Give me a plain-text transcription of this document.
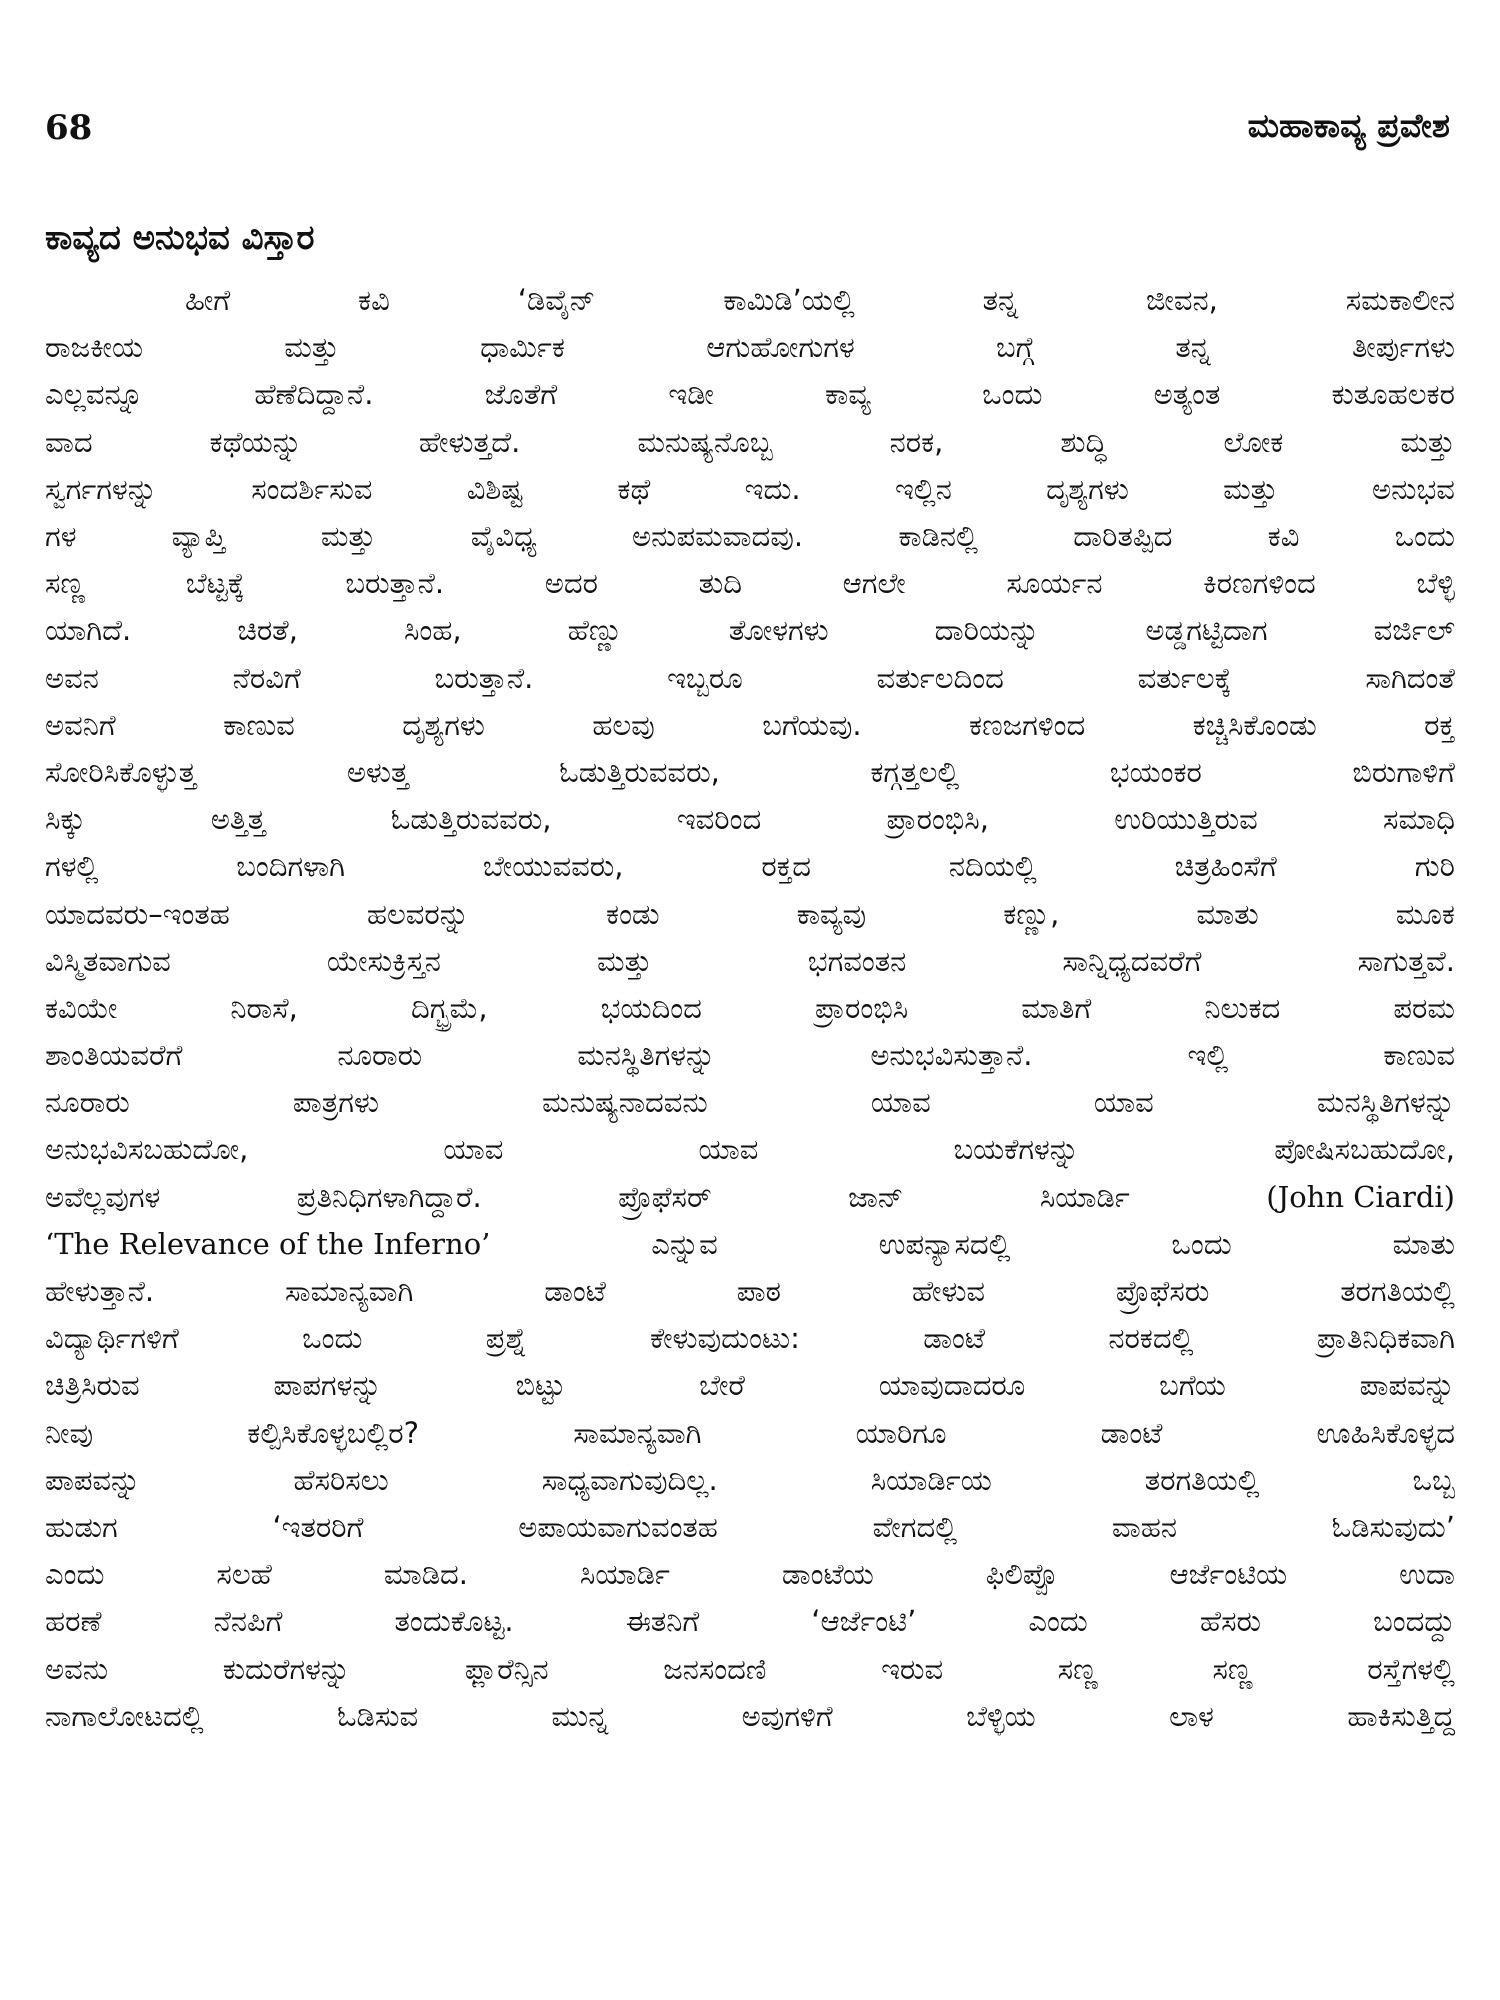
68	ಮಹಾಕಾವ್ಯ ಪ್ರವೇಶ
ಕಾವ್ಯದ ಅನುಭವ ವಿಸ್ತಾರ
ಹೀಗೆ	ಕವಿ	‘ಡಿವೈನ್	ಕಾಮಿಡಿ’ಯಲ್ಲಿ	ತನ್ನ	ಜೀವನ,	ಸಮಕಾಲೀನ
ರಾಜಕೀಯ	ಮತ್ತು	ಧಾರ್ಮಿಕ	ಆಗುಹೋಗುಗಳ	ಬಗ್ಗೆ	ತನ್ನ	ತೀರ್ಪುಗಳು
ಎಲ್ಲವನ್ನೂ	ಹೆಣೆದಿದ್ದಾನೆ.	ಜೊತೆಗೆ	ಇಡೀ	ಕಾವ್ಯ	ಒಂದು	ಅತ್ಯಂತ	ಕುತೂಹಲಕರ
ವಾದ	ಕಥೆಯನ್ನು	ಹೇಳುತ್ತದೆ.	ಮನುಷ್ಯನೊಬ್ಬ	ನರಕ,	ಶುದ್ಧಿ	ಲೋಕ	ಮತ್ತು
ಸ್ವರ್ಗಗಳನ್ನು	ಸಂದರ್ಶಿಸುವ	ವಿಶಿಷ್ಟ	ಕಥೆ	ಇದು.	ಇಲ್ಲಿನ	ದೃಶ್ಯಗಳು	ಮತ್ತು	ಅನುಭವ
ಗಳ	ವ್ಯಾಪ್ತಿ	ಮತ್ತು	ವೈವಿಧ್ಯ	ಅನುಪಮವಾದವು.	ಕಾಡಿನಲ್ಲಿ	ದಾರಿತಪ್ಪಿದ	ಕವಿ	ಒಂದು
ಸಣ್ಣ	ಬೆಟ್ಟಕ್ಕೆ	ಬರುತ್ತಾನೆ.	ಅದರ	ತುದಿ	ಆಗಲೇ	ಸೂರ್ಯನ	ಕಿರಣಗಳಿಂದ	ಬೆಳ್ಳಿ
ಯಾಗಿದೆ.	ಚಿರತೆ,	ಸಿಂಹ,	ಹೆಣ್ಣು	ತೋಳಗಳು	ದಾರಿಯನ್ನು	ಅಡ್ಡಗಟ್ಟಿದಾಗ	ವರ್ಜಿಲ್
ಅವನ	ನೆರವಿಗೆ	ಬರುತ್ತಾನೆ.	ಇಬ್ಬರೂ	ವರ್ತುಲದಿಂದ	ವರ್ತುಲಕ್ಕೆ	ಸಾಗಿದಂತೆ
ಅವನಿಗೆ	ಕಾಣುವ	ದೃಶ್ಯಗಳು	ಹಲವು	ಬಗೆಯವು.	ಕಣಜಗಳಿಂದ	ಕಚ್ಚಿಸಿಕೊಂಡು	ರಕ್ತ
ಸೋರಿಸಿಕೊಳ್ಳುತ್ತ	ಅಳುತ್ತ	ಓಡುತ್ತಿರುವವರು,	ಕಗ್ಗತ್ತಲಲ್ಲಿ	ಭಯಂಕರ	ಬಿರುಗಾಳಿಗೆ
ಸಿಕ್ಕು	ಅತ್ತಿತ್ತ	ಓಡುತ್ತಿರುವವರು,	ಇವರಿಂದ	ಪ್ರಾರಂಭಿಸಿ,	ಉರಿಯುತ್ತಿರುವ	ಸಮಾಧಿ
ಗಳಲ್ಲಿ	ಬಂದಿಗಳಾಗಿ	ಬೇಯುವವರು,	ರಕ್ತದ	ನದಿಯಲ್ಲಿ	ಚಿತ್ರಹಿಂಸೆಗೆ	ಗುರಿ
ಯಾದವರು–ಇಂತಹ	ಹಲವರನ್ನು	ಕಂಡು	ಕಾವ್ಯವು	ಕಣ್ಣು,	ಮಾತು	ಮೂಕ
ವಿಸ್ಮಿತವಾಗುವ	ಯೇಸುಕ್ರಿಸ್ತನ	ಮತ್ತು	ಭಗವಂತನ	ಸಾನ್ನಿಧ್ಯದವರೆಗೆ	ಸಾಗುತ್ತವೆ.
ಕವಿಯೇ	ನಿರಾಸೆ,	ದಿಗ್ಭ್ರಮೆ,	ಭಯದಿಂದ	ಪ್ರಾರಂಭಿಸಿ	ಮಾತಿಗೆ	ನಿಲುಕದ	ಪರಮ
ಶಾಂತಿಯವರೆಗೆ	ನೂರಾರು	ಮನಸ್ಥಿತಿಗಳನ್ನು	ಅನುಭವಿಸುತ್ತಾನೆ.	ಇಲ್ಲಿ	ಕಾಣುವ
ನೂರಾರು	ಪಾತ್ರಗಳು	ಮನುಷ್ಯನಾದವನು	ಯಾವ	ಯಾವ	ಮನಸ್ಥಿತಿಗಳನ್ನು
ಅನುಭವಿಸಬಹುದೋ,	ಯಾವ	ಯಾವ	ಬಯಕೆಗಳನ್ನು	ಪೋಷಿಸಬಹುದೋ,
ಅವೆಲ್ಲವುಗಳ	ಪ್ರತಿನಿಧಿಗಳಾಗಿದ್ದಾರೆ.	ಪ್ರೊಫೆಸರ್	ಜಾನ್	ಸಿಯಾರ್ಡಿ	(John Ciardi)
‘The Relevance of the Inferno’	ಎನ್ನುವ	ಉಪನ್ಯಾಸದಲ್ಲಿ	ಒಂದು	ಮಾತು
ಹೇಳುತ್ತಾನೆ.	ಸಾಮಾನ್ಯವಾಗಿ	ಡಾಂಟೆ	ಪಾಠ	ಹೇಳುವ	ಪ್ರೊಫೆಸರು	ತರಗತಿಯಲ್ಲಿ
ವಿದ್ಯಾರ್ಥಿಗಳಿಗೆ	ಒಂದು	ಪ್ರಶ್ನೆ	ಕೇಳುವುದುಂಟು:	ಡಾಂಟೆ	ನರಕದಲ್ಲಿ	ಪ್ರಾತಿನಿಧಿಕವಾಗಿ
ಚಿತ್ರಿಸಿರುವ	ಪಾಪಗಳನ್ನು	ಬಿಟ್ಟು	ಬೇರೆ	ಯಾವುದಾದರೂ	ಬಗೆಯ	ಪಾಪವನ್ನು
ನೀವು	ಕಲ್ಪಿಸಿಕೊಳ್ಳಬಲ್ಲಿರ?	ಸಾಮಾನ್ಯವಾಗಿ	ಯಾರಿಗೂ	ಡಾಂಟೆ	ಊಹಿಸಿಕೊಳ್ಳದ
ಪಾಪವನ್ನು	ಹೆಸರಿಸಲು	ಸಾಧ್ಯವಾಗುವುದಿಲ್ಲ.	ಸಿಯಾರ್ಡಿಯ	ತರಗತಿಯಲ್ಲಿ	ಒಬ್ಬ
ಹುಡುಗ	‘ಇತರರಿಗೆ	ಅಪಾಯವಾಗುವಂತಹ	ವೇಗದಲ್ಲಿ	ವಾಹನ	ಓಡಿಸುವುದು’
ಎಂದು	ಸಲಹೆ	ಮಾಡಿದ.	ಸಿಯಾರ್ಡಿ	ಡಾಂಟೆಯ	ಫಿಲಿಪ್ಪೊ	ಆರ್ಜೆಂಟಿಯ	ಉದಾ
ಹರಣೆ	ನೆನಪಿಗೆ	ತಂದುಕೊಟ್ಟ.	ಈತನಿಗೆ	‘ಆರ್ಜೆಂಟಿ’	ಎಂದು	ಹೆಸರು	ಬಂದದ್ದು
ಅವನು	ಕುದುರೆಗಳನ್ನು	ಫ್ಲಾರೆನ್ಸಿನ	ಜನಸಂದಣಿ	ಇರುವ	ಸಣ್ಣ	ಸಣ್ಣ	ರಸ್ತೆಗಳಲ್ಲಿ
ನಾಗಾಲೋಟದಲ್ಲಿ	ಓಡಿಸುವ	ಮುನ್ನ	ಅವುಗಳಿಗೆ	ಬೆಳ್ಳಿಯ	ಲಾಳ	ಹಾಕಿಸುತ್ತಿದ್ದ
